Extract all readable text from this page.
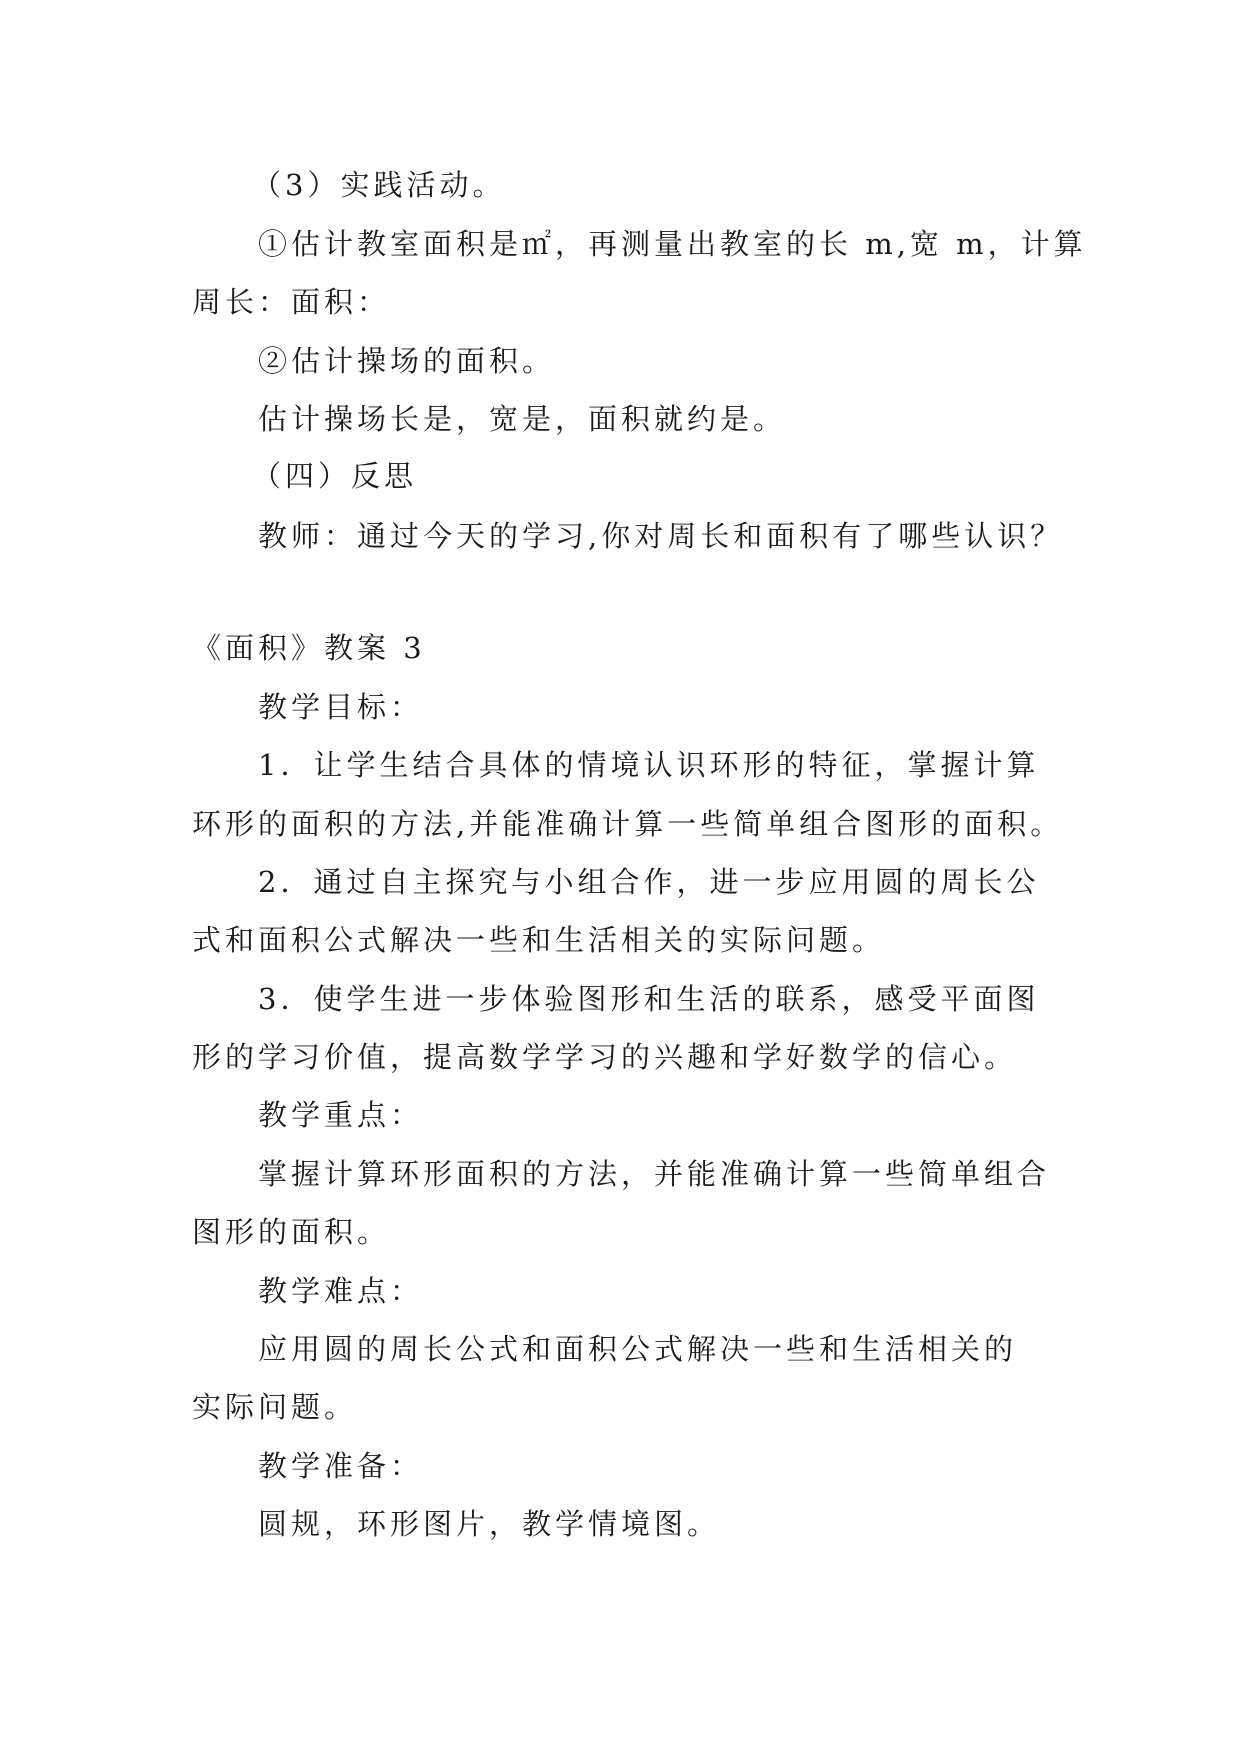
（3）实践活动。
①估计教室面积是㎡，再测量出教室的长 m,宽 m，计算
周长：面积：
②估计操场的面积。
估计操场长是，宽是，面积就约是。
（四）反思
教师：通过今天的学习,你对周长和面积有了哪些认识？
《面积》教案 3
教学目标：
1．让学生结合具体的情境认识环形的特征，掌握计算
环形的面积的方法,并能准确计算一些简单组合图形的面积。
2．通过自主探究与小组合作，进一步应用圆的周长公
式和面积公式解决一些和生活相关的实际问题。
3．使学生进一步体验图形和生活的联系，感受平面图
形的学习价值，提高数学学习的兴趣和学好数学的信心。
教学重点：
掌握计算环形面积的方法，并能准确计算一些简单组合
图形的面积。
教学难点：
应用圆的周长公式和面积公式解决一些和生活相关的
实际问题。
教学准备：
圆规，环形图片，教学情境图。
